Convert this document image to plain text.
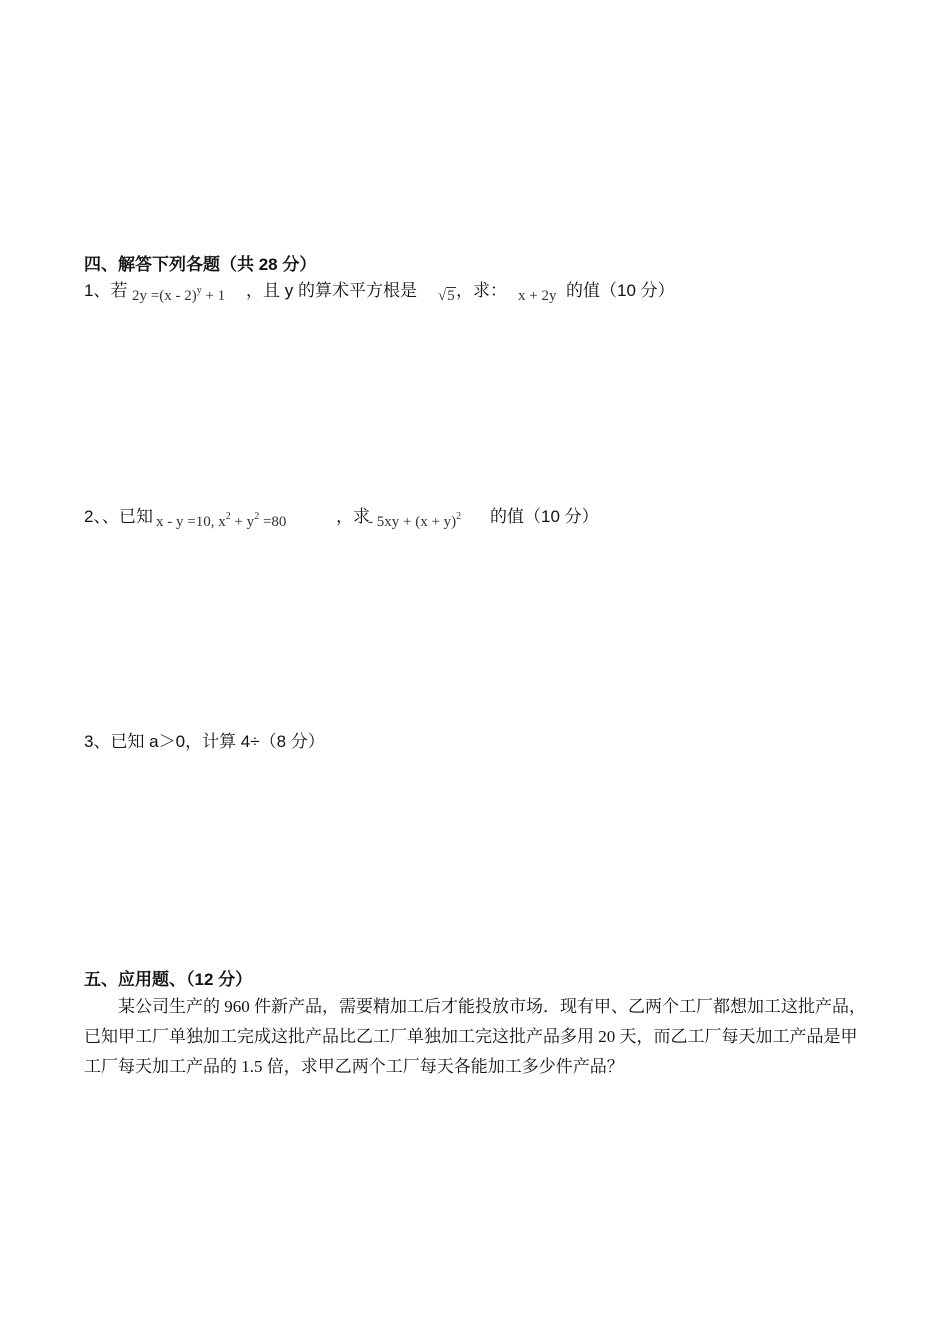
四、解答下列各题（共 28 分）
1、若 2y =(x - 2)$^y$ + 1 ，且 y 的算术平方根是 √5 ，求： x + 2y 的值（10 分）
2、、已知 x - y =10, $x^2 + y^2 =80$	，求
- $5xy + (x + y)^2$ 的值（10 分）
3、已知 a＞0，计算 4÷（8 分）
五、应用题、（12 分）

某公司生产的 960 件新产品，需要精加工后才能投放市场．现有甲、乙两个工厂都想加工这批产品，已知甲工厂单独加工完成这批产品比乙工厂单独加工完这批产品多用 20 天，而乙工厂每天加工产品是甲工厂每天加工产品的 1.5 倍，求甲乙两个工厂每天各能加工多少件产品？
